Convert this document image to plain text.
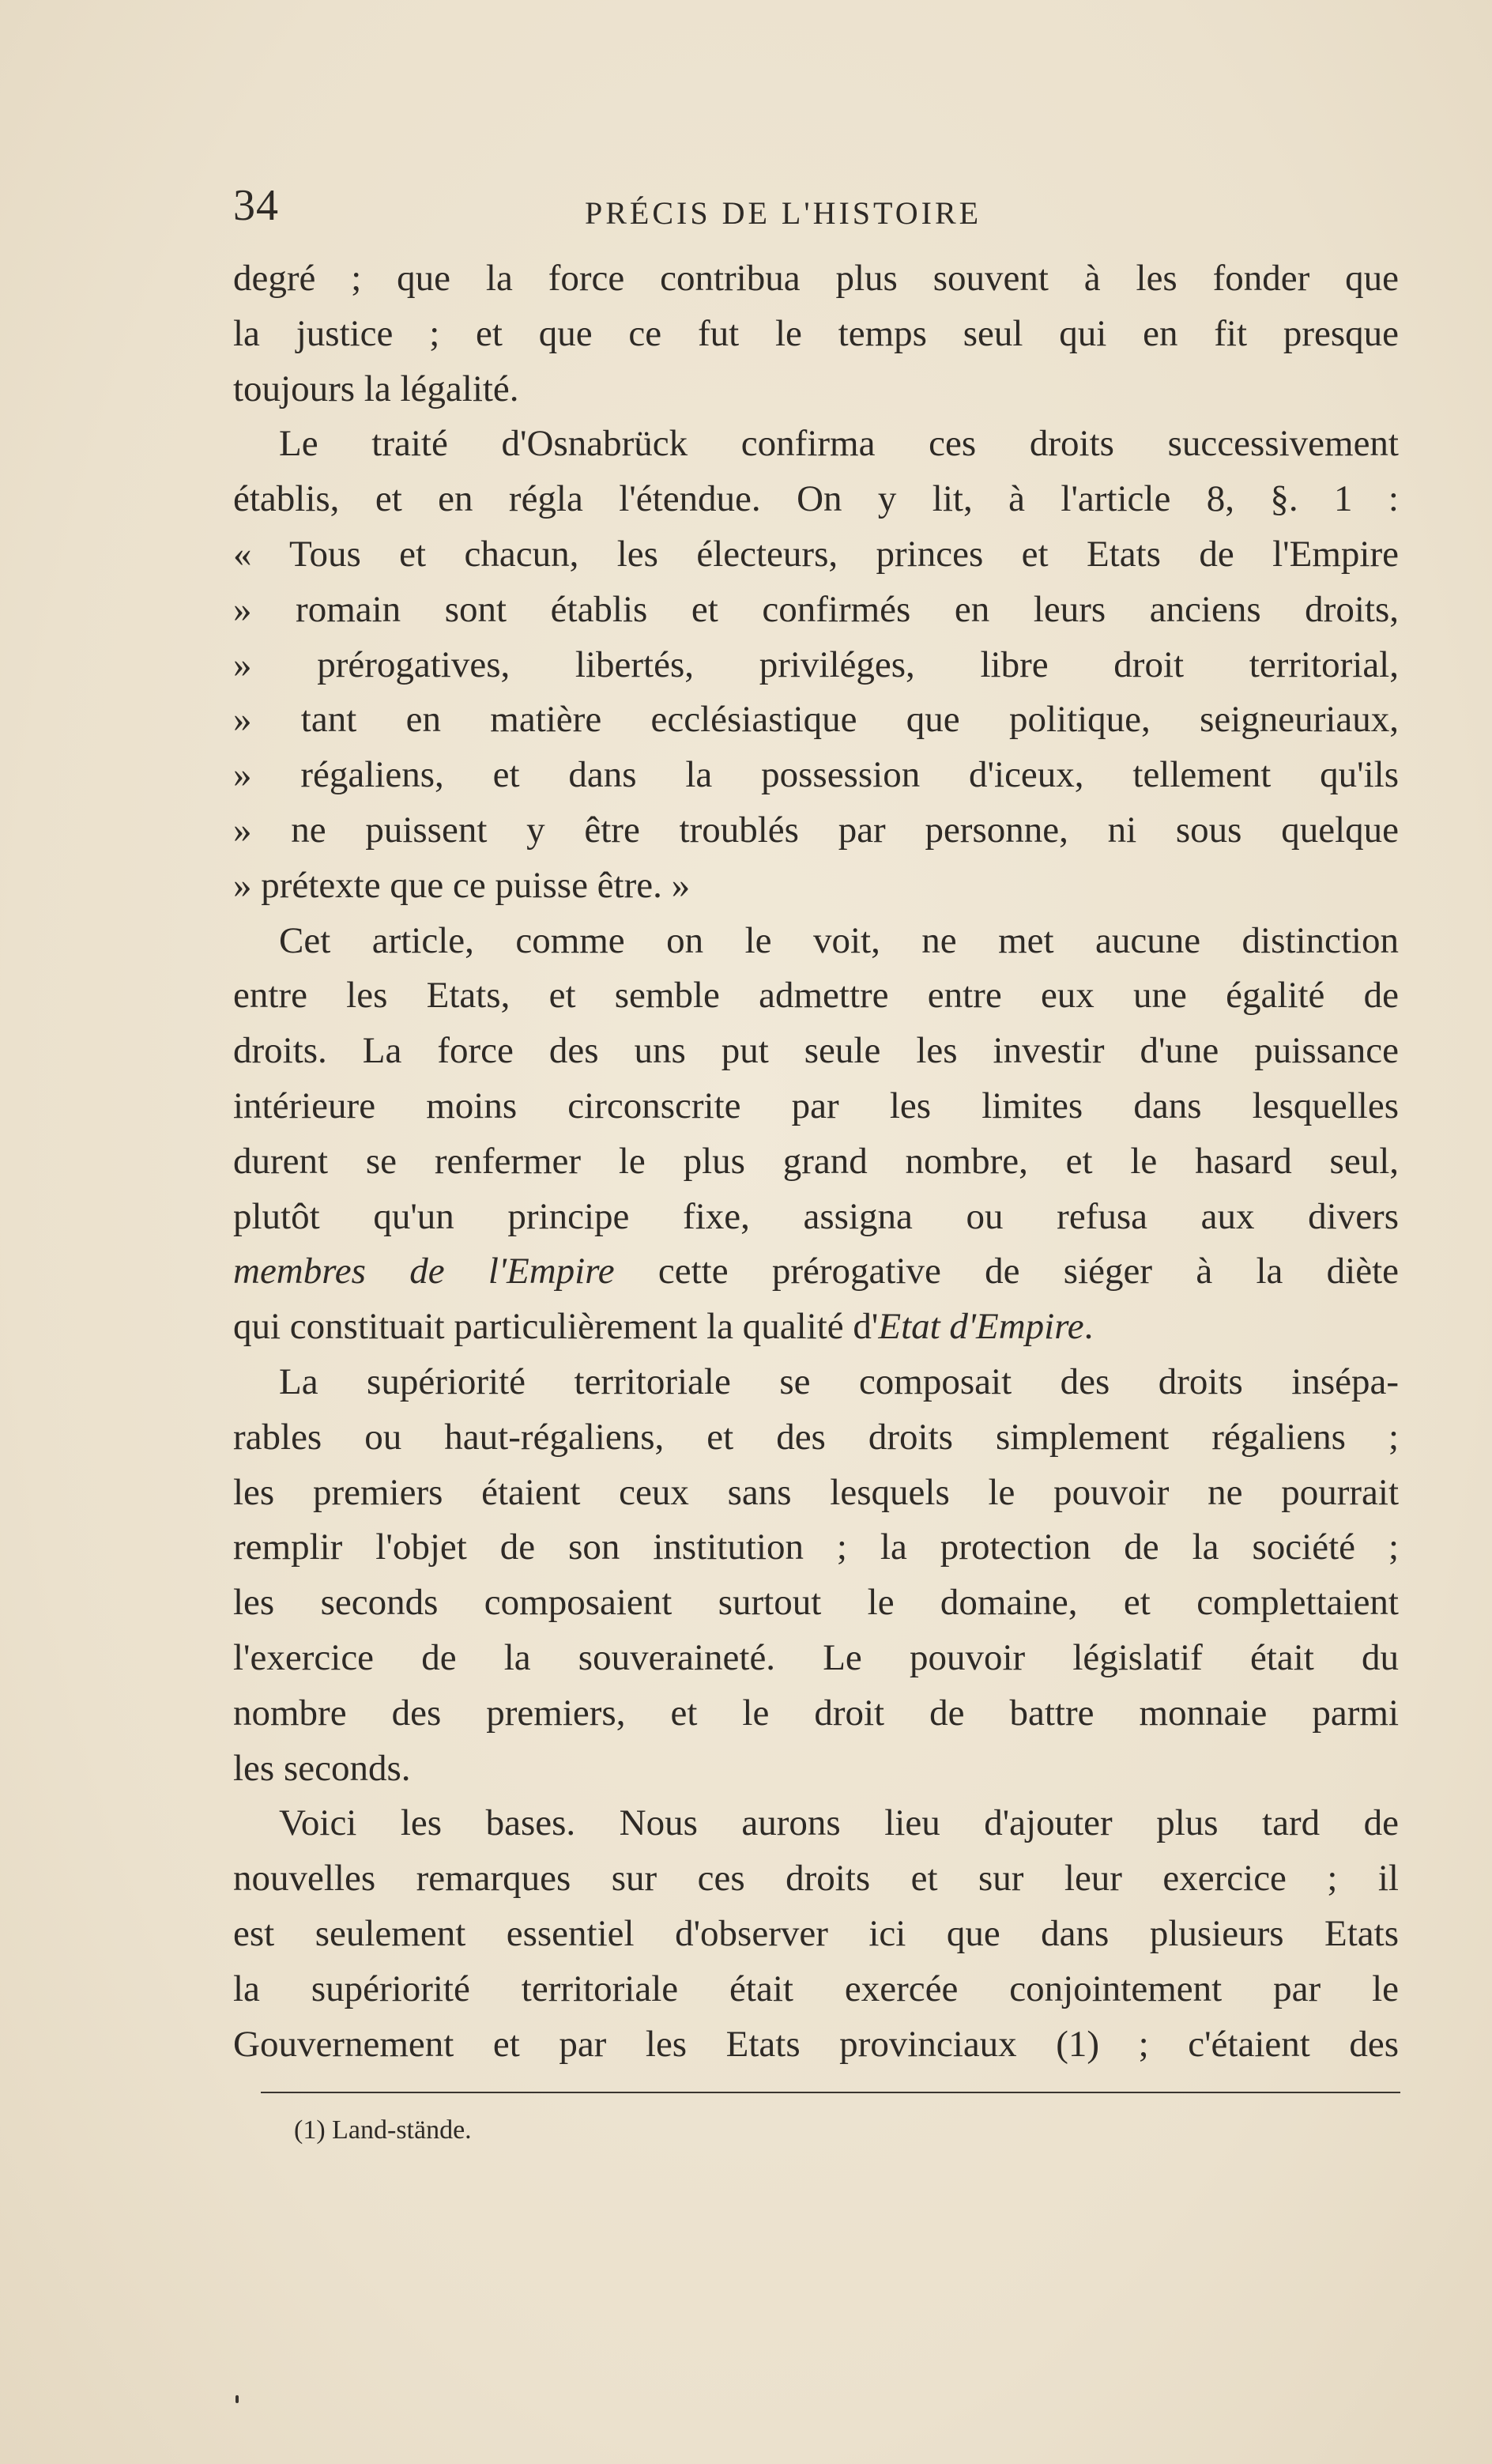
34	PRÉCIS DE L'HISTOIRE
degré ; que la force contribua plus souvent à les fonder que
la justice ; et que ce fut le temps seul qui en fit presque
toujours la légalité.
Le traité d'Osnabrück confirma ces droits successivement
établis, et en régla l'étendue. On y lit, à l'article 8, §. 1 :
« Tous et chacun, les électeurs, princes et Etats de l'Empire
» romain sont établis et confirmés en leurs anciens droits,
» prérogatives, libertés, priviléges, libre droit territorial,
» tant en matière ecclésiastique que politique, seigneuriaux,
» régaliens, et dans la possession d'iceux, tellement qu'ils
» ne puissent y être troublés par personne, ni sous quelque
» prétexte que ce puisse être. »
Cet article, comme on le voit, ne met aucune distinction
entre les Etats, et semble admettre entre eux une égalité de
droits. La force des uns put seule les investir d'une puissance
intérieure moins circonscrite par les limites dans lesquelles
durent se renfermer le plus grand nombre, et le hasard seul,
plutôt qu'un principe fixe, assigna ou refusa aux divers
membres de l'Empire cette prérogative de siéger à la diète
qui constituait particulièrement la qualité d'Etat d'Empire.
La supériorité territoriale se composait des droits insépa-
rables ou haut-régaliens, et des droits simplement régaliens ;
les premiers étaient ceux sans lesquels le pouvoir ne pourrait
remplir l'objet de son institution ; la protection de la société ;
les seconds composaient surtout le domaine, et complettaient
l'exercice de la souveraineté. Le pouvoir législatif était du
nombre des premiers, et le droit de battre monnaie parmi
les seconds.
Voici les bases. Nous aurons lieu d'ajouter plus tard de
nouvelles remarques sur ces droits et sur leur exercice ; il
est seulement essentiel d'observer ici que dans plusieurs Etats
la supériorité territoriale était exercée conjointement par le
Gouvernement et par les Etats provinciaux (1) ; c'étaient des
(1) Land-stände.
